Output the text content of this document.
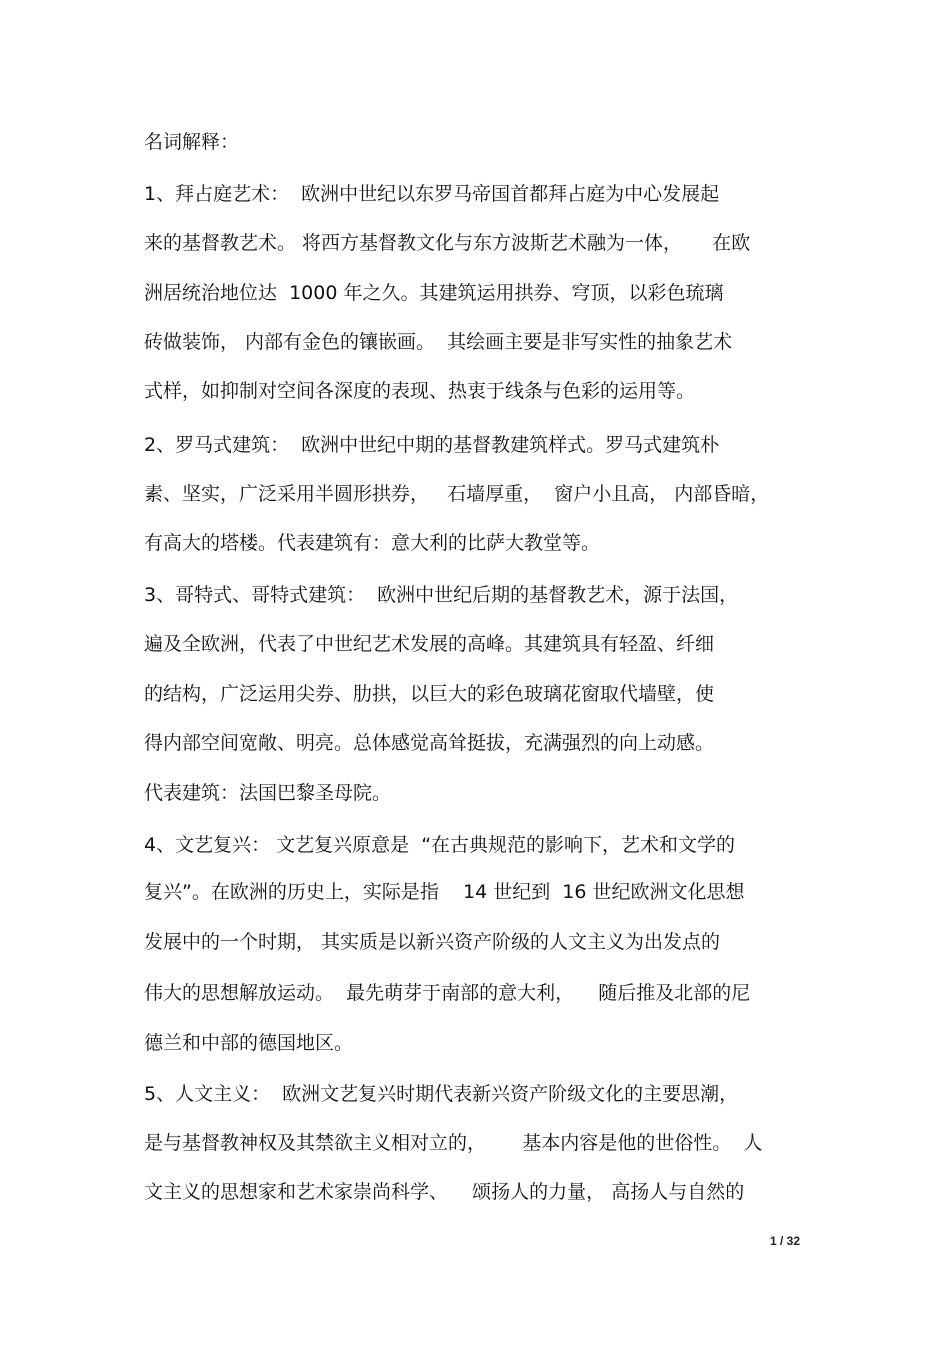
名词解释：
1、拜占庭艺术：  欧洲中世纪以东罗马帝国首都拜占庭为中心发展起
来的基督教艺术。 将西方基督教文化与东方波斯艺术融为一体，     在欧
洲居统治地位达  1000 年之久。其建筑运用拱券、穹顶，以彩色琉璃
砖做装饰， 内部有金色的镶嵌画。  其绘画主要是非写实性的抽象艺术
式样，如抑制对空间各深度的表现、热衷于线条与色彩的运用等。
2、罗马式建筑：  欧洲中世纪中期的基督教建筑样式。罗马式建筑朴
素、坚实，广泛采用半圆形拱券，   石墙厚重，  窗户小且高， 内部昏暗，
有高大的塔楼。代表建筑有：意大利的比萨大教堂等。
3、哥特式、哥特式建筑：  欧洲中世纪后期的基督教艺术，源于法国，
遍及全欧洲，代表了中世纪艺术发展的高峰。其建筑具有轻盈、纤细
的结构，广泛运用尖券、肋拱，以巨大的彩色玻璃花窗取代墙壁，使
得内部空间宽敞、明亮。总体感觉高耸挺拔，充满强烈的向上动感。
代表建筑：法国巴黎圣母院。
4、文艺复兴： 文艺复兴原意是  “在古典规范的影响下，艺术和文学的
复兴”。在欧洲的历史上，实际是指    14 世纪到  16 世纪欧洲文化思想
发展中的一个时期， 其实质是以新兴资产阶级的人文主义为出发点的
伟大的思想解放运动。  最先萌芽于南部的意大利，    随后推及北部的尼
德兰和中部的德国地区。
5、人文主义：  欧洲文艺复兴时期代表新兴资产阶级文化的主要思潮，
是与基督教神权及其禁欲主义相对立的，      基本内容是他的世俗性。  人
文主义的思想家和艺术家崇尚科学、    颂扬人的力量， 高扬人与自然的
1 / 32
